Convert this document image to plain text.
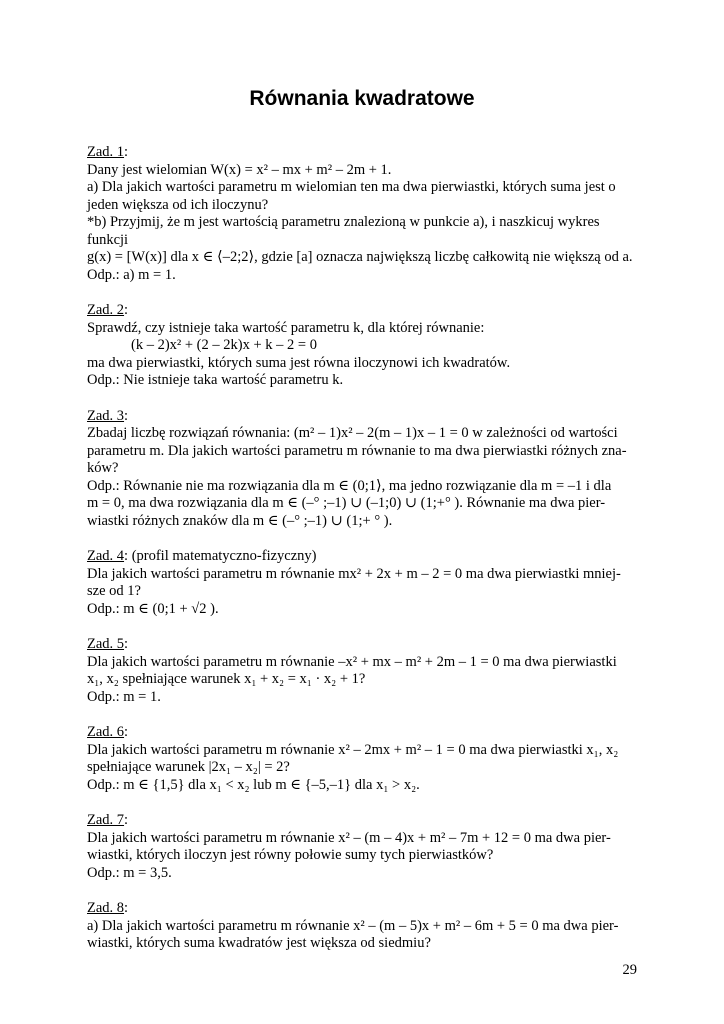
Równania kwadratowe
Zad. 1:
Dany jest wielomian W(x) = x² – mx + m² – 2m + 1.
a) Dla jakich wartości parametru m wielomian ten ma dwa pierwiastki, których suma jest o
jeden większa od ich iloczynu?
*b) Przyjmij, że m jest wartością parametru znalezioną w punkcie a), i naszkicuj wykres
funkcji
g(x) = [W(x)] dla x ∈ ⟨–2;2⟩, gdzie [a] oznacza największą liczbę całkowitą nie większą od a.
Odp.: a) m = 1.
Zad. 2:
Sprawdź, czy istnieje taka wartość parametru k, dla której równanie:
(k – 2)x² + (2 – 2k)x + k – 2 = 0
ma dwa pierwiastki, których suma jest równa iloczynowi ich kwadratów.
Odp.: Nie istnieje taka wartość parametru k.
Zad. 3:
Zbadaj liczbę rozwiązań równania: (m² – 1)x² – 2(m – 1)x – 1 = 0 w zależności od wartości
parametru m. Dla jakich wartości parametru m równanie to ma dwa pierwiastki różnych zna-
ków?
Odp.: Równanie nie ma rozwiązania dla m ∈ (0;1⟩, ma jedno rozwiązanie dla m = –1 i dla
m = 0, ma dwa rozwiązania dla m ∈ (–° ;–1) ∪ (–1;0) ∪ (1;+° ). Równanie ma dwa pier-
wiastki różnych znaków dla m ∈ (–° ;–1) ∪ (1;+ ° ).
Zad. 4: (profil matematyczno-fizyczny)
Dla jakich wartości parametru m równanie mx² + 2x + m – 2 = 0 ma dwa pierwiastki mniej-
sze od 1?
Odp.: m ∈ (0;1 + √2 ).
Zad. 5:
Dla jakich wartości parametru m równanie –x² + mx – m² + 2m – 1 = 0 ma dwa pierwiastki
x₁, x₂ spełniające warunek x₁ + x₂ = x₁ · x₂ + 1?
Odp.: m = 1.
Zad. 6:
Dla jakich wartości parametru m równanie x² – 2mx + m² – 1 = 0 ma dwa pierwiastki x₁, x₂
spełniające warunek |2x₁ – x₂| = 2?
Odp.: m ∈ {1,5} dla x₁ < x₂ lub m ∈ {–5,–1} dla x₁ > x₂.
Zad. 7:
Dla jakich wartości parametru m równanie x² – (m – 4)x + m² – 7m + 12 = 0 ma dwa pier-
wiastki, których iloczyn jest równy połowie sumy tych pierwiastków?
Odp.: m = 3,5.
Zad. 8:
a) Dla jakich wartości parametru m równanie x² – (m – 5)x + m² – 6m + 5 = 0 ma dwa pier-
wiastki, których suma kwadratów jest większa od siedmiu?
29
